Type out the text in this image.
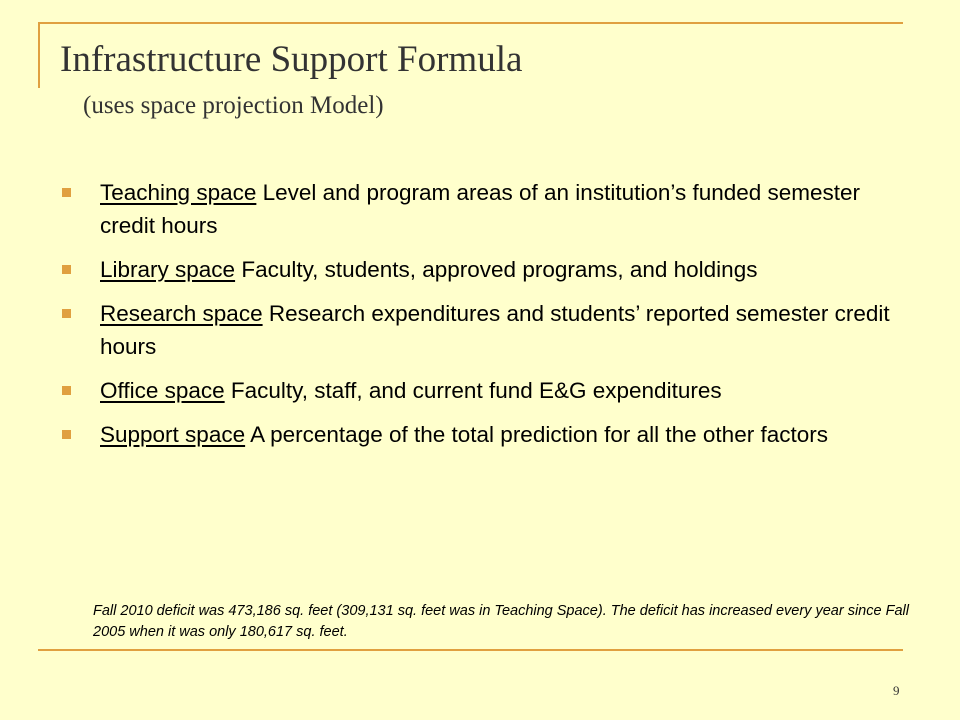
Infrastructure Support Formula
(uses space projection Model)
Teaching space Level and program areas of an institution’s funded semester credit hours
Library space Faculty, students, approved programs, and holdings
Research space Research expenditures and students’ reported semester credit hours
Office space Faculty, staff, and current fund E&G expenditures
Support space A percentage of the total prediction for all the other factors
Fall 2010 deficit was 473,186 sq. feet (309,131 sq. feet was in Teaching Space). The deficit has increased every year since Fall 2005 when it was only 180,617 sq. feet.
9
